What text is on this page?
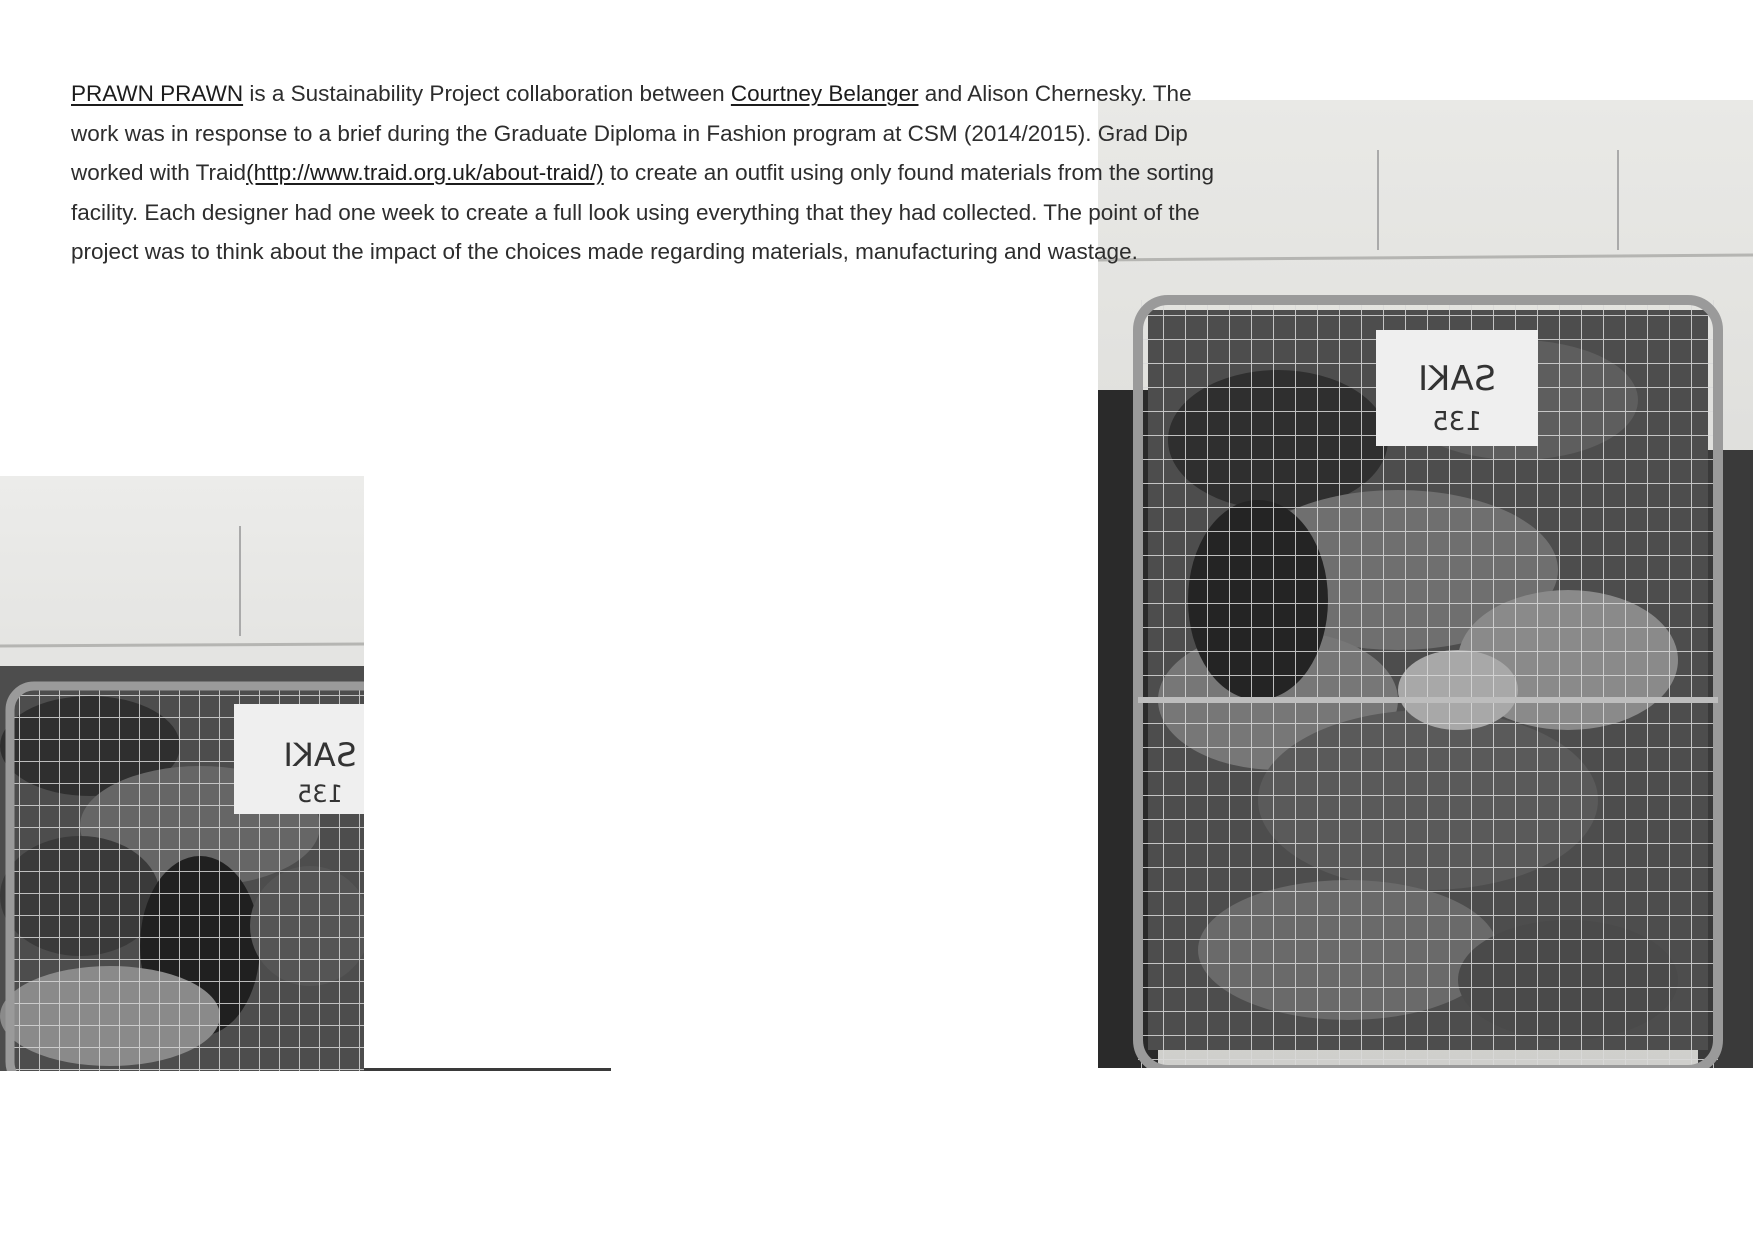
SAKI
135
SAKI
135

PRAWN PRAWN is a Sustainability Project collaboration between Courtney Belanger and Alison Chernesky. The work was in response to a brief during the Graduate Diploma in Fashion program at CSM (2014/2015). Grad Dip worked with Traid(http://www.traid.org.uk/about-traid/) to create an outfit using only found materials from the sorting facility. Each designer had one week to create a full look using everything that they had collected. The point of the project was to think about the impact of the choices made regarding materials, manufacturing and wastage.
